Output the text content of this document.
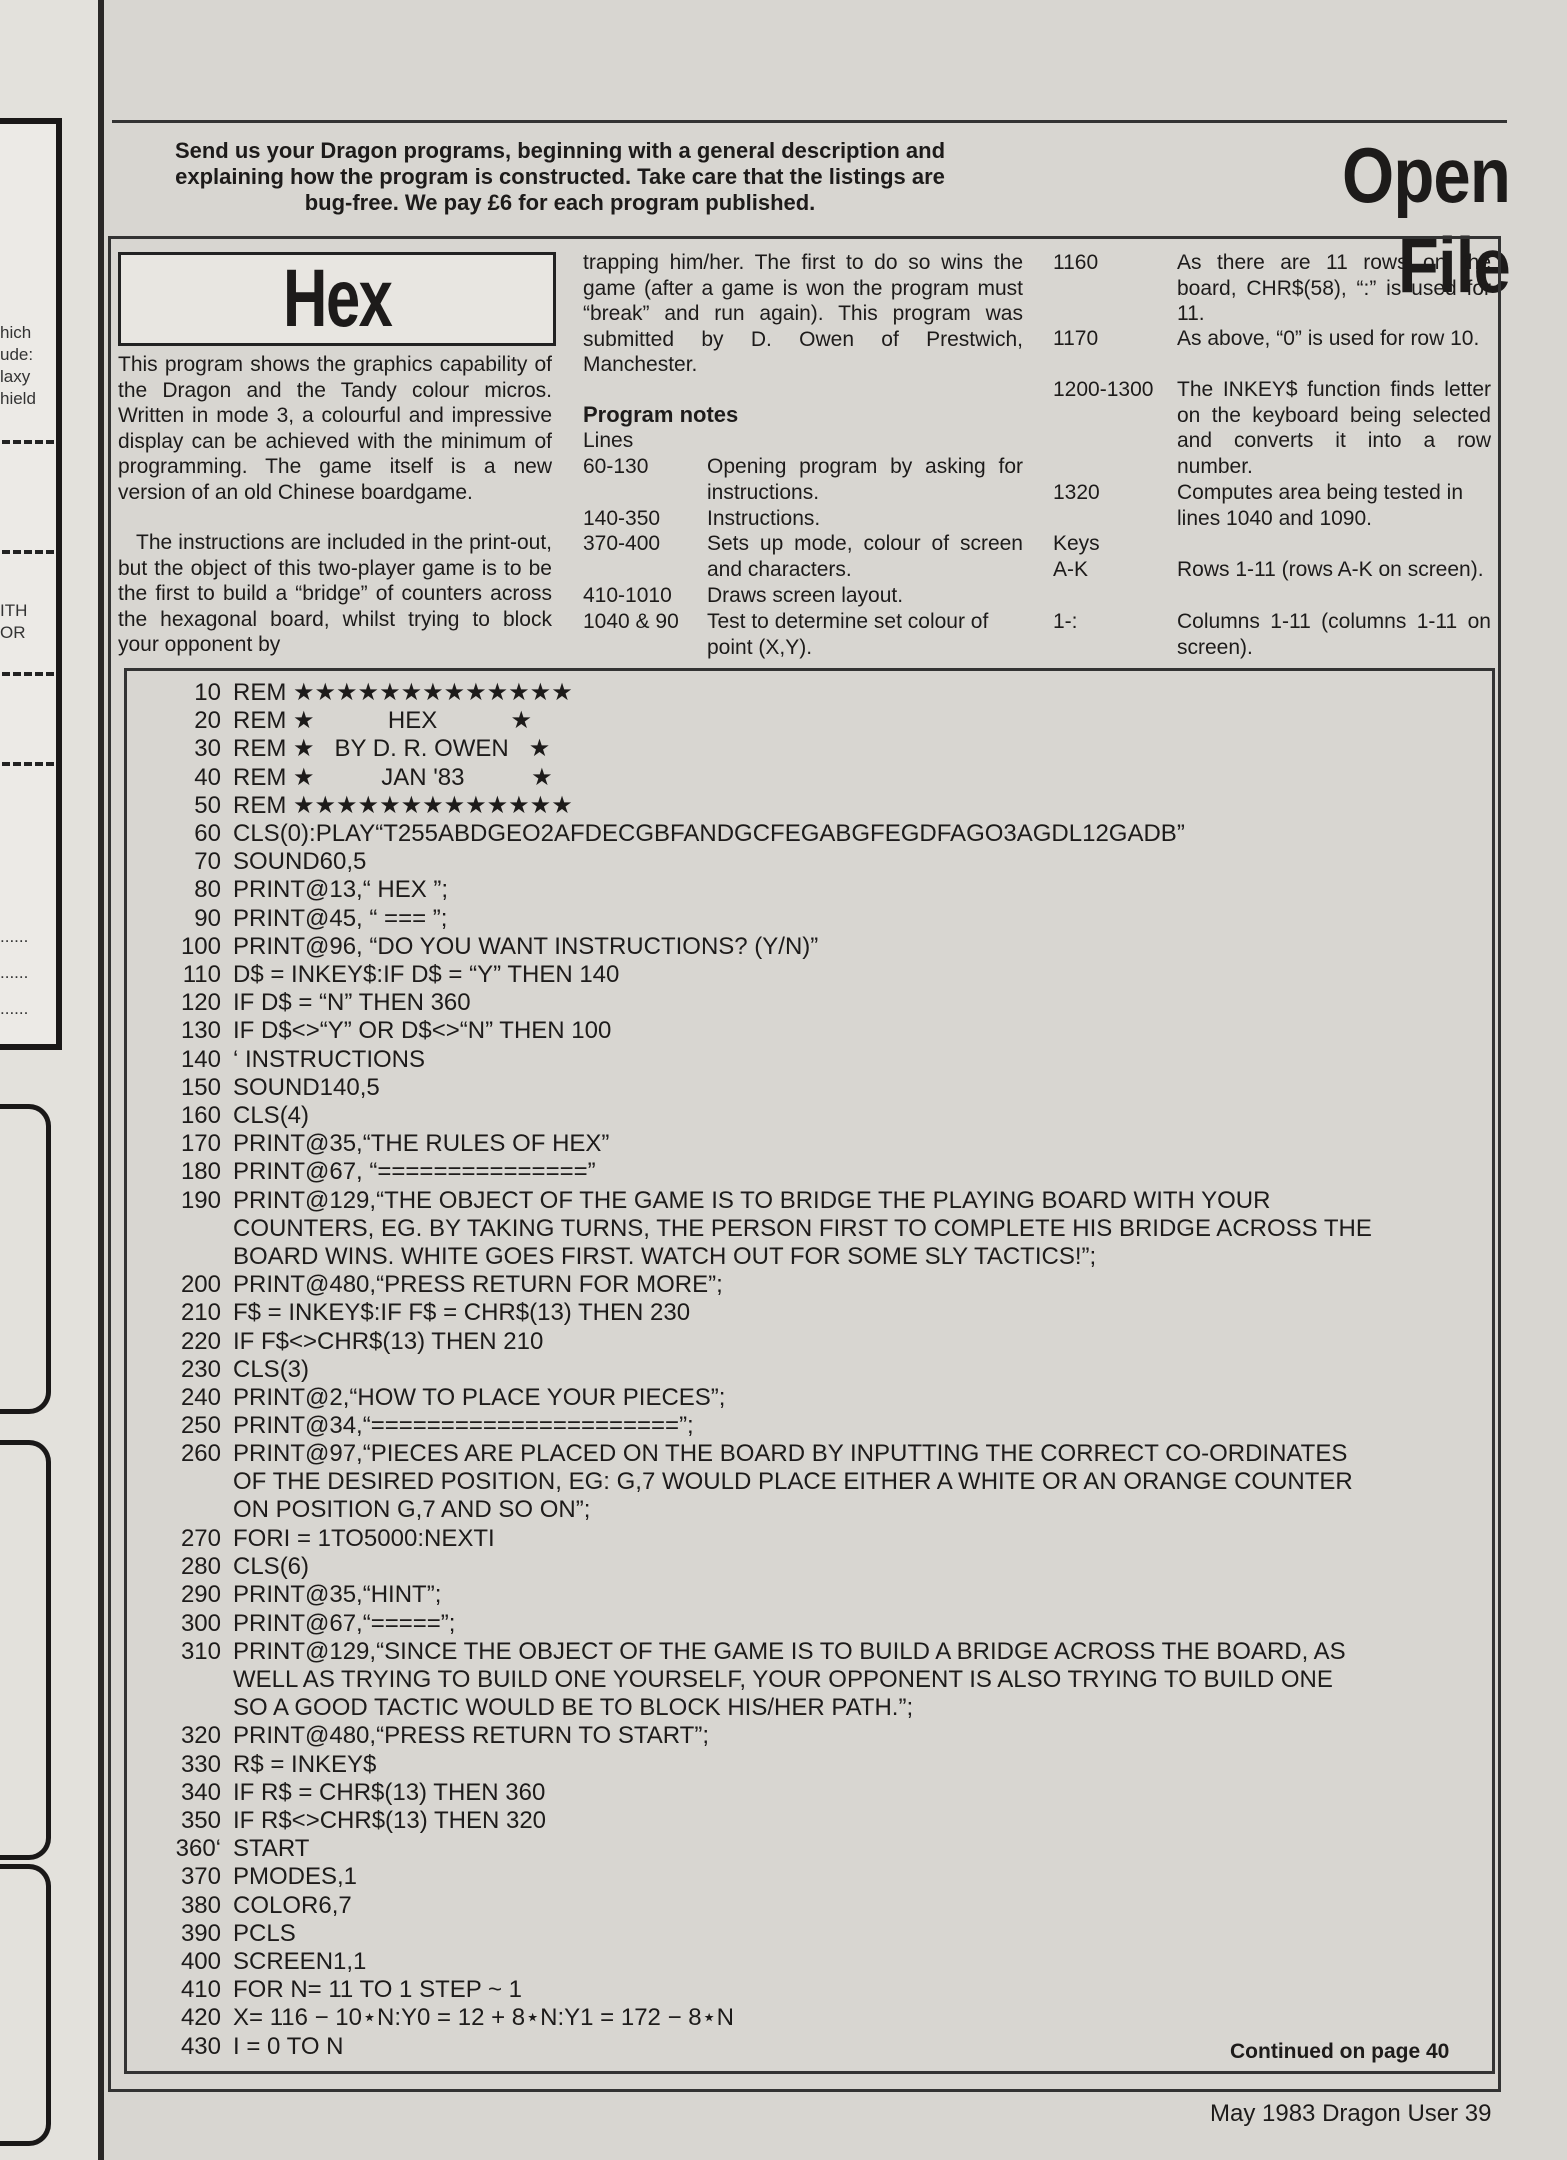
hich
ude:
laxy
hield
ITH
OR
......
......
......
Send us your Dragon programs, beginning with a general description and
explaining how the program is constructed. Take care that the listings are
bug-free. We pay £6 for each program published.	Open File
Hex
This program shows the graphics capability of the Dragon and the Tandy colour micros. Written in mode 3, a colourful and impressive display can be achieved with the minimum of programming. The game itself is a new version of an old Chinese boardgame.
The instructions are included in the print-out, but the object of this two-player game is to be the first to build a “bridge” of counters across the hexagonal board, whilst trying to block your opponent by
trapping him/her. The first to do so wins the game (after a game is won the program must “break” and run again). This program was submitted by D. Owen of Prestwich, Manchester.
Program notes
Lines
60-130	Opening program by asking for instructions.
140-350 Instructions.
370-400 Sets up mode, colour of screen and characters.
410-1010 Draws screen layout.
1040 & 90 Test to determine set colour of point (X,Y).
1160	As there are 11 rows on the board, CHR$(58), “:” is used for 11.
1170	As above, “0” is used for row 10.
1200-1300 The INKEY$ function finds letter on the keyboard being selected and converts it into a row number.
1320	Computes area being tested in lines 1040 and 1090.
Keys
A-K	Rows 1-11 (rows A-K on screen).
1-:	Columns 1-11 (columns 1-11 on screen).
10 REM ★★★★★★★★★★★★★
20 REM ★           HEX           ★
30 REM ★   BY D. R. OWEN   ★
40 REM ★          JAN '83          ★
50 REM ★★★★★★★★★★★★★
60 CLS(0):PLAY“T255ABDGEO2AFDECGBFANDGCFEGABGFEGDFAGO3AGDL12GADB”
70 SOUND60,5
80 PRINT@13,“ HEX ”;
90 PRINT@45, “ === ”;
100 PRINT@96, “DO YOU WANT INSTRUCTIONS? (Y/N)”
110 D$ = INKEY$:IF D$ = “Y” THEN 140
120 IF D$ = “N” THEN 360
130 IF D$<>“Y” OR D$<>“N” THEN 100
140 ‘ INSTRUCTIONS
150 SOUND140,5
160 CLS(4)
170 PRINT@35,“THE RULES OF HEX”
180 PRINT@67, “===============”
190 PRINT@129,“THE OBJECT OF THE GAME IS TO BRIDGE THE PLAYING BOARD WITH YOUR
COUNTERS, EG. BY TAKING TURNS, THE PERSON FIRST TO COMPLETE HIS BRIDGE ACROSS THE
BOARD WINS. WHITE GOES FIRST. WATCH OUT FOR SOME SLY TACTICS!”;
200 PRINT@480,“PRESS RETURN FOR MORE”;
210 F$ = INKEY$:IF F$ = CHR$(13) THEN 230
220 IF F$<>CHR$(13) THEN 210
230 CLS(3)
240 PRINT@2,“HOW TO PLACE YOUR PIECES”;
250 PRINT@34,“======================”;
260 PRINT@97,“PIECES ARE PLACED ON THE BOARD BY INPUTTING THE CORRECT CO-ORDINATES
OF THE DESIRED POSITION, EG: G,7 WOULD PLACE EITHER A WHITE OR AN ORANGE COUNTER
ON POSITION G,7 AND SO ON”;
270 FORI = 1TO5000:NEXTI
280 CLS(6)
290 PRINT@35,“HINT”;
300 PRINT@67,“=====”;
310 PRINT@129,“SINCE THE OBJECT OF THE GAME IS TO BUILD A BRIDGE ACROSS THE BOARD, AS
WELL AS TRYING TO BUILD ONE YOURSELF, YOUR OPPONENT IS ALSO TRYING TO BUILD ONE
SO A GOOD TACTIC WOULD BE TO BLOCK HIS/HER PATH.”;
320 PRINT@480,“PRESS RETURN TO START”;
330 R$ = INKEY$
340 IF R$ = CHR$(13) THEN 360
350 IF R$<>CHR$(13) THEN 320
360‘ START
370 PMODES,1
380 COLOR6,7
390 PCLS
400 SCREEN1,1
410 FOR N= 11 TO 1 STEP ~ 1
420 X= 116 − 10⋆N:Y0 = 12 + 8⋆N:Y1 = 172 − 8⋆N
430 I = 0 TO N	Continued on page 40
May 1983 Dragon User 39
